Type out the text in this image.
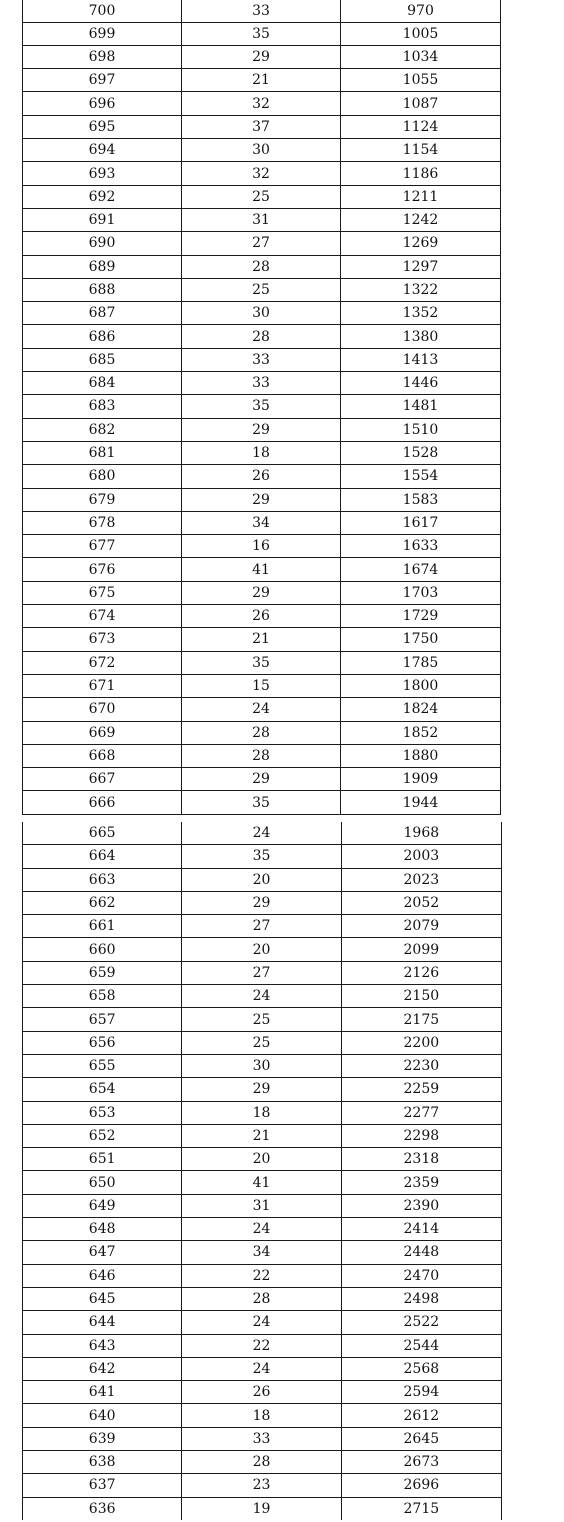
700	33	970
699	35	1005
698	29	1034
697	21	1055
696	32	1087
695	37	1124
694	30	1154
693	32	1186
692	25	1211
691	31	1242
690	27	1269
689	28	1297
688	25	1322
687	30	1352
686	28	1380
685	33	1413
684	33	1446
683	35	1481
682	29	1510
681	18	1528
680	26	1554
679	29	1583
678	34	1617
677	16	1633
676	41	1674
675	29	1703
674	26	1729
673	21	1750
672	35	1785
671	15	1800
670	24	1824
669	28	1852
668	28	1880
667	29	1909
666	35	1944
665	24	1968
664	35	2003
663	20	2023
662	29	2052
661	27	2079
660	20	2099
659	27	2126
658	24	2150
657	25	2175
656	25	2200
655	30	2230
654	29	2259
653	18	2277
652	21	2298
651	20	2318
650	41	2359
649	31	2390
648	24	2414
647	34	2448
646	22	2470
645	28	2498
644	24	2522
643	22	2544
642	24	2568
641	26	2594
640	18	2612
639	33	2645
638	28	2673
637	23	2696
636	19	2715
